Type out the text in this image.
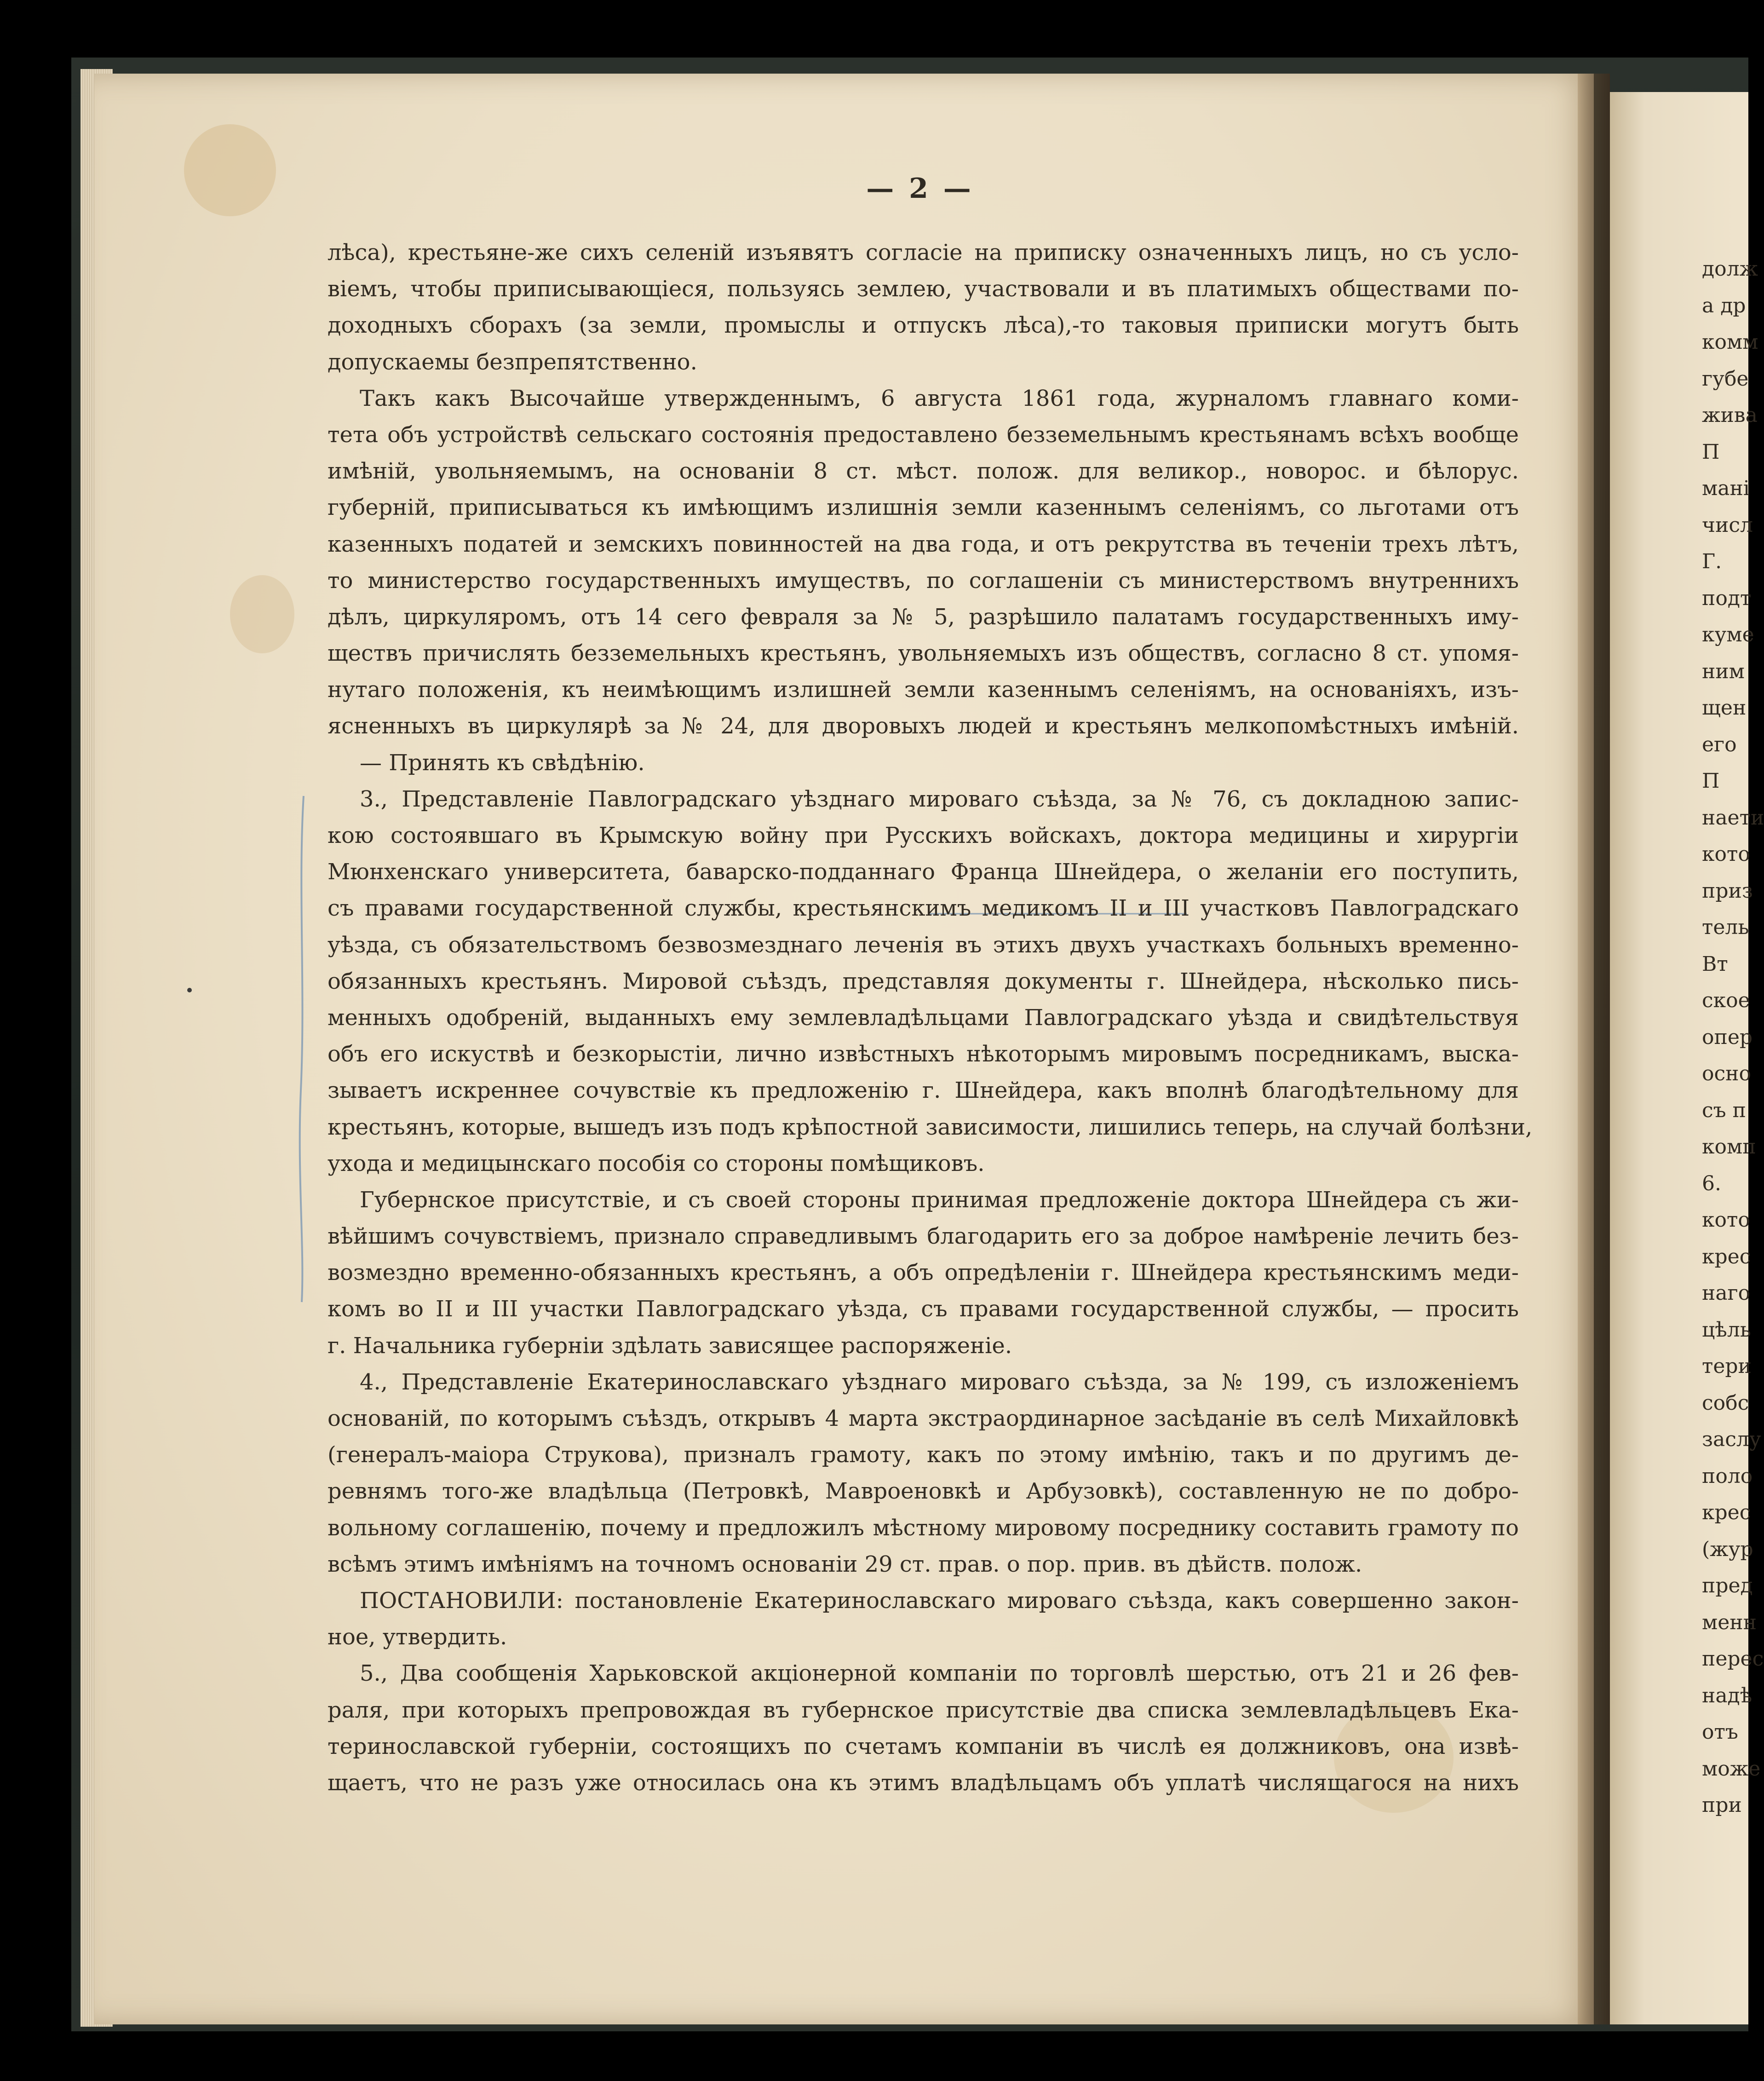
— 2 —
лѣса), крестьяне-же сихъ селеній изъявятъ согласіе на приписку означенныхъ лицъ, но съ усло-
віемъ, чтобы приписывающіеся, пользуясь землею, участвовали и въ платимыхъ обществами по-
доходныхъ сборахъ (за земли, промыслы и отпускъ лѣса),-то таковыя приписки могутъ быть
допускаемы безпрепятственно.
Такъ какъ Высочайше утвержденнымъ, 6 августа 1861 года, журналомъ главнаго коми-
тета объ устройствѣ сельскаго состоянія предоставлено безземельнымъ крестьянамъ всѣхъ вообще
имѣній, увольняемымъ, на основаніи 8 ст. мѣст. полож. для великор., новорос. и бѣлорус.
губерній, приписываться къ имѣющимъ излишнія земли казеннымъ селеніямъ, со льготами отъ
казенныхъ податей и земскихъ повинностей на два года, и отъ рекрутства въ теченіи трехъ лѣтъ,
то министерство государственныхъ имуществъ, по соглашеніи съ министерствомъ внутреннихъ
дѣлъ, циркуляромъ, отъ 14 сего февраля за № 5, разрѣшило палатамъ государственныхъ иму-
ществъ причислять безземельныхъ крестьянъ, увольняемыхъ изъ обществъ, согласно 8 ст. упомя-
нутаго положенія, къ неимѣющимъ излишней земли казеннымъ селеніямъ, на основаніяхъ, изъ-
ясненныхъ въ циркулярѣ за № 24, для дворовыхъ людей и крестьянъ мелкопомѣстныхъ имѣній.
— Принять къ свѣдѣнію.
3., Представленіе Павлоградскаго уѣзднаго мироваго съѣзда, за № 76, съ докладною запис-
кою состоявшаго въ Крымскую войну при Русскихъ войскахъ, доктора медицины и хирургіи
Мюнхенскаго университета, баварско-подданнаго Франца Шнейдера, о желаніи его поступить,
съ правами государственной службы, крестьянскимъ медикомъ II и III участковъ Павлоградскаго
уѣзда, съ обязательствомъ безвозмезднаго леченія въ этихъ двухъ участкахъ больныхъ временно-
обязанныхъ крестьянъ. Мировой съѣздъ, представляя документы г. Шнейдера, нѣсколько пись-
менныхъ одобреній, выданныхъ ему землевладѣльцами Павлоградскаго уѣзда и свидѣтельствуя
объ его искуствѣ и безкорыстіи, лично извѣстныхъ нѣкоторымъ мировымъ посредникамъ, выска-
зываетъ искреннее сочувствіе къ предложенію г. Шнейдера, какъ вполнѣ благодѣтельному для
крестьянъ, которые, вышедъ изъ подъ крѣпостной зависимости, лишились теперь, на случай болѣзни,
ухода и медицынскаго пособія со стороны помѣщиковъ.
Губернское присутствіе, и съ своей стороны принимая предложеніе доктора Шнейдера съ жи-
вѣйшимъ сочувствіемъ, признало справедливымъ благодарить его за доброе намѣреніе лечить без-
возмездно временно-обязанныхъ крестьянъ, а объ опредѣленіи г. Шнейдера крестьянскимъ меди-
комъ во II и III участки Павлоградскаго уѣзда, съ правами государственной службы, — просить
г. Начальника губерніи здѣлать зависящее распоряженіе.
4., Представленіе Екатеринославскаго уѣзднаго мироваго съѣзда, за № 199, съ изложеніемъ
основаній, по которымъ съѣздъ, открывъ 4 марта экстраординарное засѣданіе въ селѣ Михайловкѣ
(генералъ-маіора Струкова), призналъ грамоту, какъ по этому имѣнію, такъ и по другимъ де-
ревнямъ того-же владѣльца (Петровкѣ, Мавроеновкѣ и Арбузовкѣ), составленную не по добро-
вольному соглашенію, почему и предложилъ мѣстному мировому посреднику составить грамоту по
всѣмъ этимъ имѣніямъ на точномъ основаніи 29 ст. прав. о пор. прив. въ дѣйств. полож.
ПОСТАНОВИЛИ: постановленіе Екатеринославскаго мироваго съѣзда, какъ совершенно закон-
ное, утвердить.
5., Два сообщенія Харьковской акціонерной компаніи по торговлѣ шерстью, отъ 21 и 26 фев-
раля, при которыхъ препровождая въ губернское присутствіе два списка землевладѣльцевъ Ека-
теринославской губерніи, состоящихъ по счетамъ компаніи въ числѣ ея должниковъ, она извѣ-
щаетъ, что не разъ уже относилась она къ этимъ владѣльцамъ объ уплатѣ числящагося на нихъ
долж
а др
комм
губе
жива
П
мані
числ
Г.
подт
куме
ним
щен
его
П
наети
кото
приз
тель
Вт
ское
опер
осно
съ п
комп
6.
кото
крес
наго
цѣль
тери
собс
заслу
поло
крес
(жур
пред
менн
перес
надѣ
отъ
може
при
